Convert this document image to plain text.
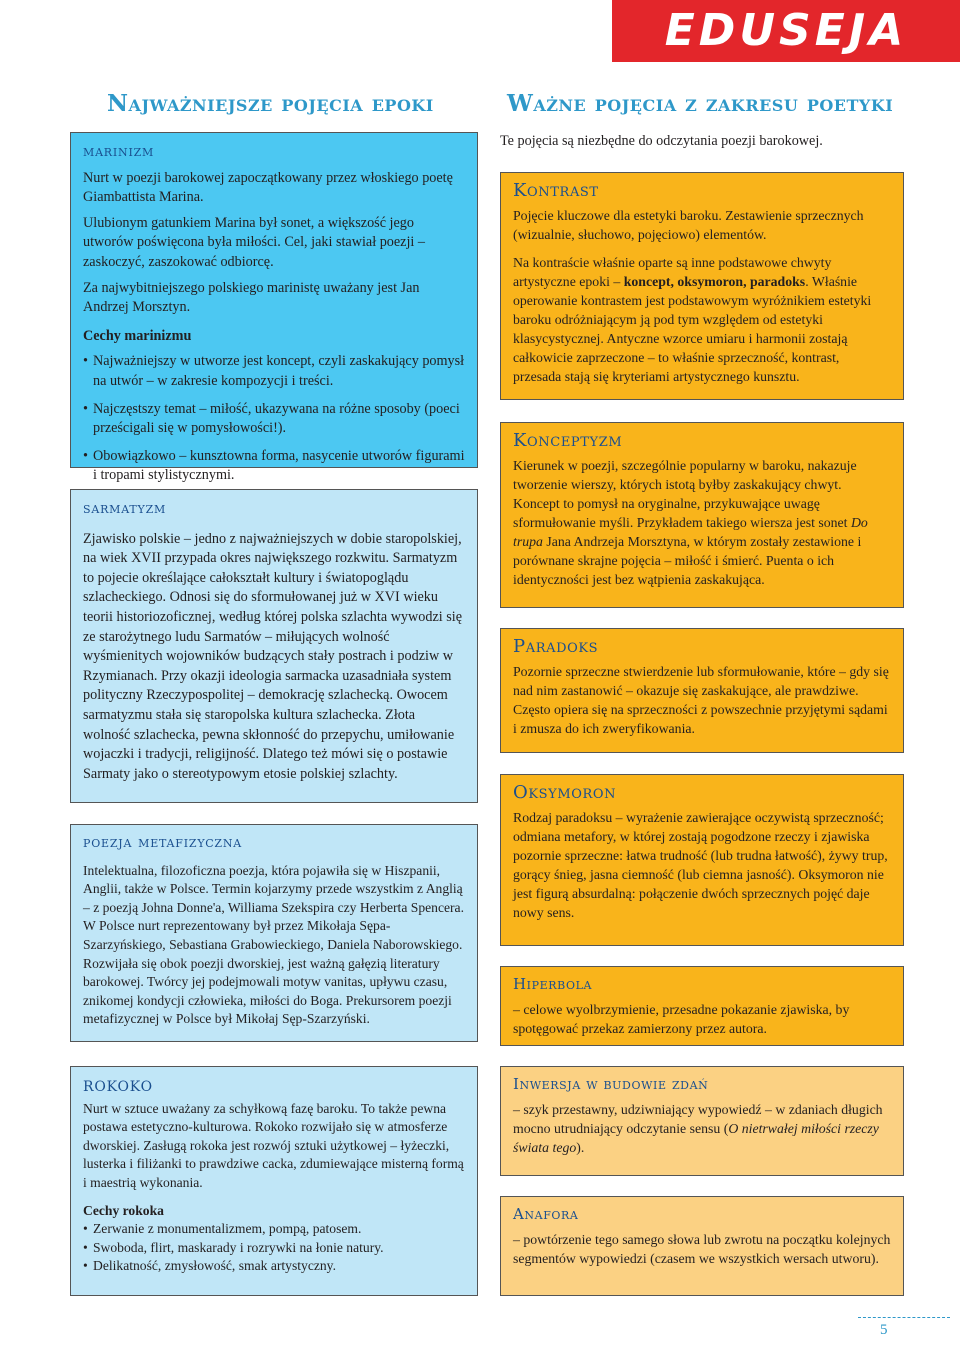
EDUSEJA
Najważniejsze pojęcia epoki	Ważne pojęcia z zakresu poetyki
marinizm

Nurt w poezji barokowej zapoczątkowany przez włoskiego poetę Giambattista Marina.

Ulubionym gatunkiem Marina był sonet, a większość jego utworów poświęcona była miłości. Cel, jaki stawiał poezji – zaskoczyć, zaszokować odbiorcę.

Za najwybitniejszego polskiego marinistę uważany jest Jan Andrzej Morsztyn.

Cechy marinizmu
• Najważniejszy w utworze jest koncept, czyli zaskakujący pomysł na utwór – w zakresie kompozycji i treści.
• Najczęstszy temat – miłość, ukazywana na różne sposoby (poeci prześcigali się w pomysłowości!).
• Obowiązkowo – kunsztowna forma, nasycenie utworów figurami i tropami stylistycznymi.
sarmatyzm

Zjawisko polskie – jedno z najważniejszych w dobie staropolskiej, na wiek XVII przypada okres największego rozkwitu. Sarmatyzm to pojecie określające całokształt kultury i światopoglądu szlacheckiego. Odnosi się do sformułowanej już w XVI wieku teorii historiozoficznej, według której polska szlachta wywodzi się ze starożytnego ludu Sarmatów – miłujących wolność wyśmienitych wojowników budzących stały postrach i podziw w Rzymianach. Przy okazji ideologia sarmacka uzasadniała system polityczny Rzeczypospolitej – demokrację szlachecką. Owocem sarmatyzmu stała się staropolska kultura szlachecka. Złota wolność szlachecka, pewna skłonność do przepychu, umiłowanie wojaczki i tradycji, religijność. Dlatego też mówi się o postawie Sarmaty jako o stereotypowym etosie polskiej szlachty.

poezja metafizyczna

Intelektualna, filozoficzna poezja, która pojawiła się w Hiszpanii, Anglii, także w Polsce. Termin kojarzymy przede wszystkim z Anglią – z poezją Johna Donne'a, Williama Szekspira czy Herberta Spencera. W Polsce nurt reprezentowany był przez Mikołaja Sępa-Szarzyńskiego, Sebastiana Grabowieckiego, Daniela Naborowskiego. Rozwijała się obok poezji dworskiej, jest ważną gałęzią literatury barokowej. Twórcy jej podejmowali motyw vanitas, upływu czasu, znikomej kondycji człowieka, miłości do Boga. Prekursorem poezji metafizycznej w Polsce był Mikołaj Sęp-Szarzyński.

rokoko

Nurt w sztuce uważany za schyłkową fazę baroku. To także pewna postawa estetyczno-kulturowa. Rokoko rozwijało się w atmosferze dworskiej. Zasługą rokoka jest rozwój sztuki użytkowej – łyżeczki, lusterka i filiżanki to prawdziwe cacka, zdumiewające misterną formą i maestrią wykonania.

Cechy rokoka
• Zerwanie z monumentalizmem, pompą, patosem.
• Swoboda, flirt, maskarady i rozrywki na łonie natury.
• Delikatność, zmysłowość, smak artystyczny.
Te pojęcia są niezbędne do odczytania poezji barokowej.
Kontrast

Pojęcie kluczowe dla estetyki baroku. Zestawienie sprzecznych (wizualnie, słuchowo, pojęciowo) elementów.

Na kontraście właśnie oparte są inne podstawowe chwyty artystyczne epoki – koncept, oksymoron, paradoks. Właśnie operowanie kontrastem jest podstawowym wyróżnikiem estetyki baroku odróżniającym ją pod tym względem od estetyki klasycystycznej. Antyczne wzorce umiaru i harmonii zostają całkowicie zaprzeczone – to właśnie sprzeczność, kontrast, przesada stają się kryteriami artystycznego kunsztu.

Konceptyzm

Kierunek w poezji, szczególnie popularny w baroku, nakazuje tworzenie wierszy, których istotą byłby zaskakujący chwyt. Koncept to pomysł na oryginalne, przykuwające uwagę sformułowanie myśli. Przykładem takiego wiersza jest sonet Do trupa Jana Andrzeja Morsztyna, w którym zostały zestawione i porównane skrajne pojęcia – miłość i śmierć. Puenta o ich identyczności jest bez wątpienia zaskakująca.

Paradoks

Pozornie sprzeczne stwierdzenie lub sformułowanie, które – gdy się nad nim zastanowić – okazuje się zaskakujące, ale prawdziwe. Często opiera się na sprzeczności z powszechnie przyjętymi sądami i zmusza do ich zweryfikowania.

Oksymoron

Rodzaj paradoksu – wyrażenie zawierające oczywistą sprzeczność; odmiana metafory, w której zostają pogodzone rzeczy i zjawiska pozornie sprzeczne: łatwa trudność (lub trudna łatwość), żywy trup, gorący śnieg, jasna ciemność (lub ciemna jasność). Oksymoron nie jest figurą absurdalną: połączenie dwóch sprzecznych pojęć daje nowy sens.

Hiperbola

– celowe wyolbrzymienie, przesadne pokazanie zjawiska, by spotęgować przekaz zamierzony przez autora.

Inwersja w budowie zdań

– szyk przestawny, udziwniający wypowiedź – w zdaniach długich mocno utrudniający odczytanie sensu (O nietrwałej miłości rzeczy świata tego).

Anafora

– powtórzenie tego samego słowa lub zwrotu na początku kolejnych segmentów wypowiedzi (czasem we wszystkich wersach utworu).

5
